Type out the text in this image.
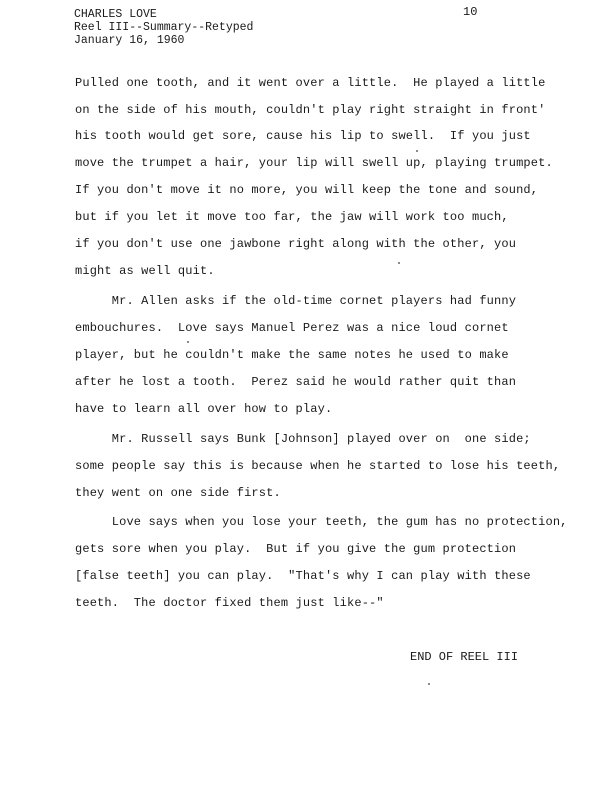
CHARLES LOVE
Reel III--Summary--Retyped
January 16, 1960
10
Pulled one tooth, and it went over a little.  He played a little
on the side of his mouth, couldn't play right straight in front'
his tooth would get sore, cause his lip to swell.  If you just
move the trumpet a hair, your lip will swell up, playing trumpet.
If you don't move it no more, you will keep the tone and sound,
but if you let it move too far, the jaw will work too much,
if you don't use one jawbone right along with the other, you
might as well quit.
Mr. Allen asks if the old-time cornet players had funny
embouchures.  Love says Manuel Perez was a nice loud cornet
player, but he couldn't make the same notes he used to make
after he lost a tooth.  Perez said he would rather quit than
have to learn all over how to play.
Mr. Russell says Bunk [Johnson] played over on  one side;
some people say this is because when he started to lose his teeth,
they went on one side first.
Love says when you lose your teeth, the gum has no protection,
gets sore when you play.  But if you give the gum protection
[false teeth] you can play.  "That's why I can play with these
teeth.  The doctor fixed them just like--"
END OF REEL III
